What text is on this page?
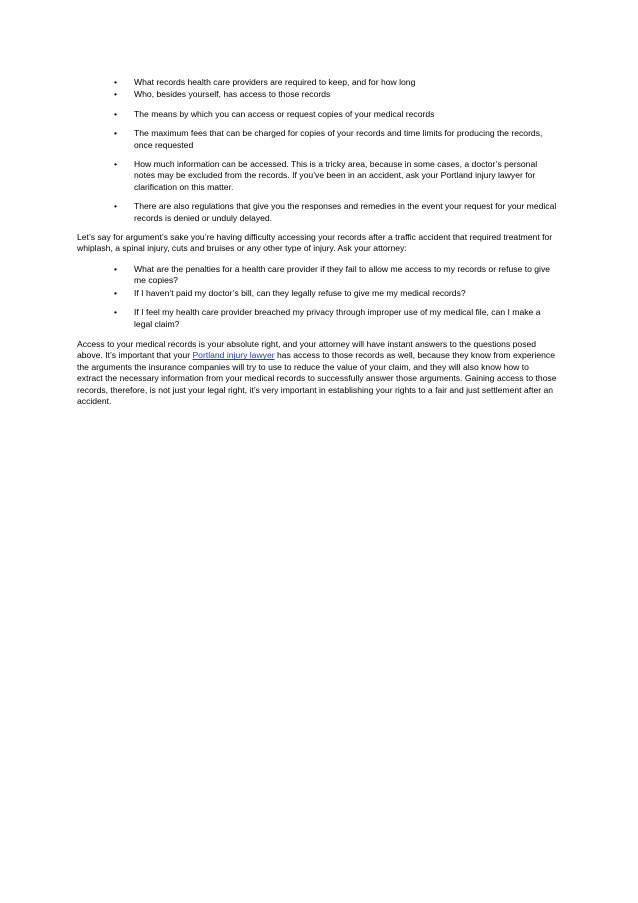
• What records health care providers are required to keep, and for how long
• Who, besides yourself, has access to those records
• The means by which you can access or request copies of your medical records
• The maximum fees that can be charged for copies of your records and time limits for producing the records, once requested
• How much information can be accessed. This is a tricky area, because in some cases, a doctor’s personal notes may be excluded from the records. If you’ve been in an accident, ask your Portland injury lawyer for clarification on this matter.
• There are also regulations that give you the responses and remedies in the event your request for your medical records is denied or unduly delayed.

Let’s say for argument’s sake you’re having difficulty accessing your records after a traffic accident that required treatment for whiplash, a spinal injury, cuts and bruises or any other type of injury. Ask your attorney:

• What are the penalties for a health care provider if they fail to allow me access to my records or refuse to give me copies?
• If I haven’t paid my doctor’s bill, can they legally refuse to give me my medical records?
• If I feel my health care provider breached my privacy through improper use of my medical file, can I make a legal claim?

Access to your medical records is your absolute right, and your attorney will have instant answers to the questions posed above. It’s important that your Portland injury lawyer has access to those records as well, because they know from experience the arguments the insurance companies will try to use to reduce the value of your claim, and they will also know how to extract the necessary information from your medical records to successfully answer those arguments. Gaining access to those records, therefore, is not just your legal right, it’s very important in establishing your rights to a fair and just settlement after an accident.
